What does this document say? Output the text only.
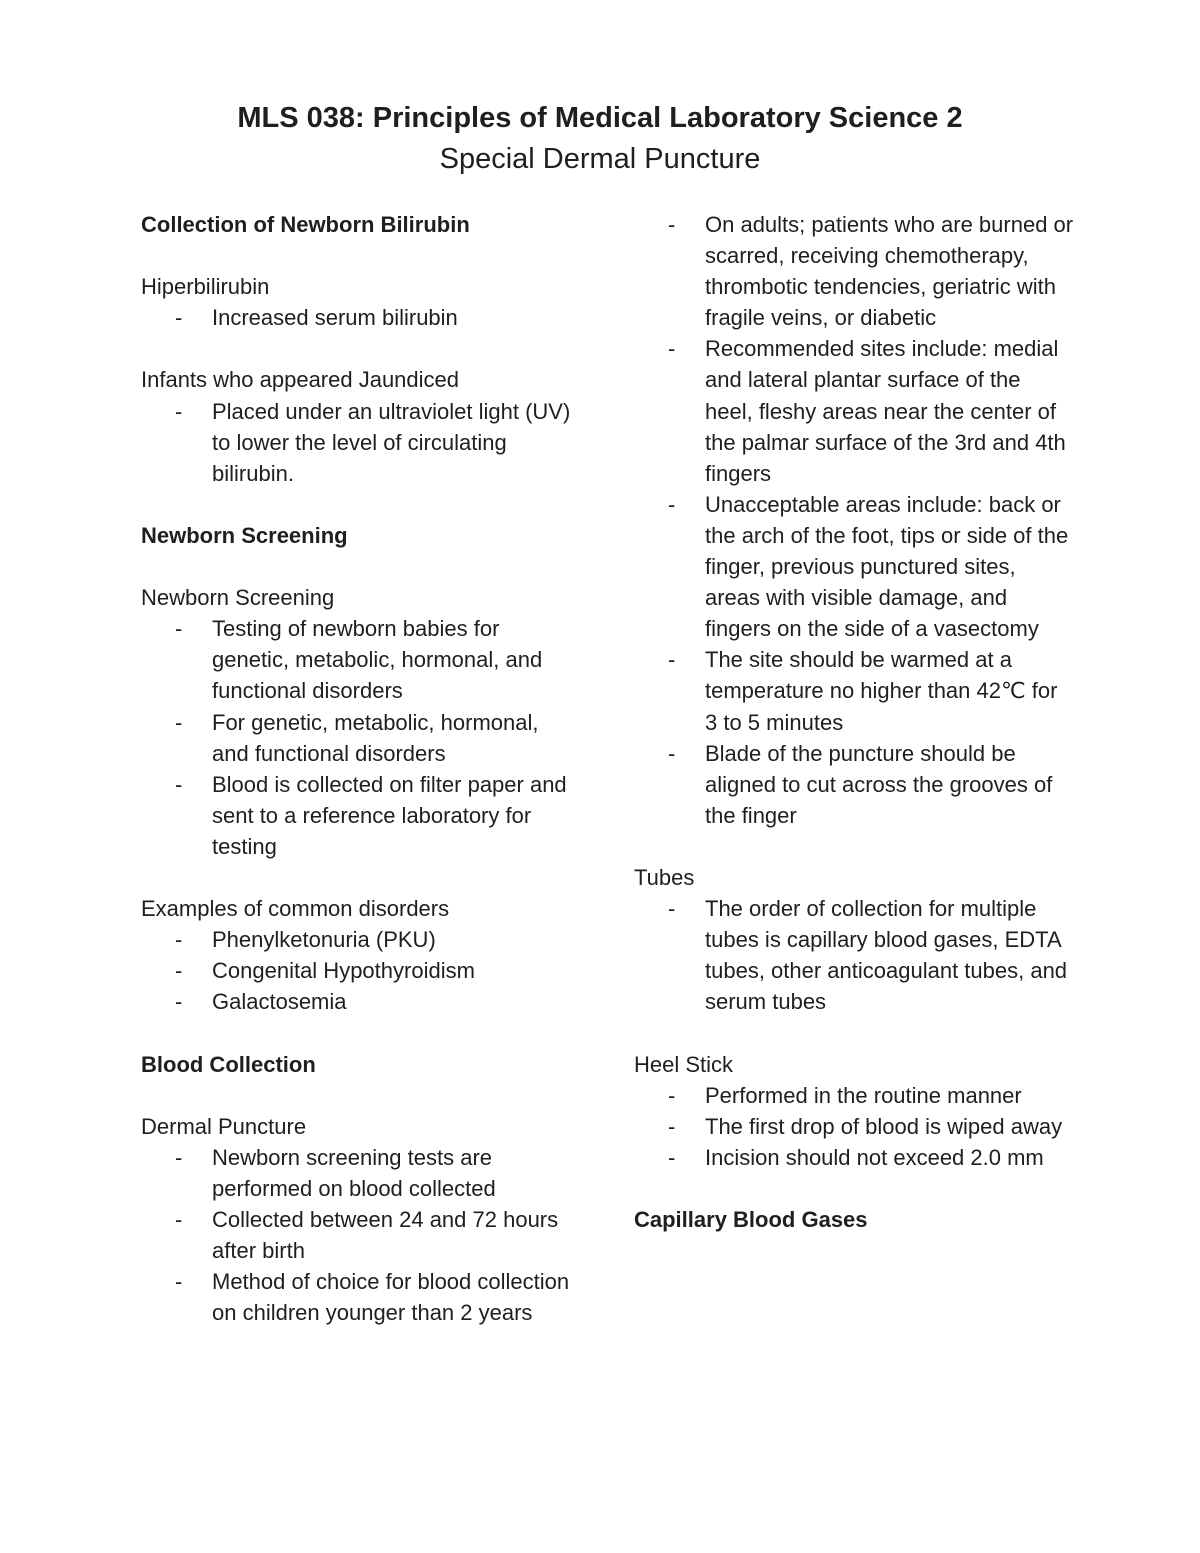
MLS 038: Principles of Medical Laboratory Science 2
Special Dermal Puncture
Collection of Newborn Bilirubin
Hiperbilirubin
-	Increased serum bilirubin
Infants who appeared Jaundiced
-	Placed under an ultraviolet light (UV) to lower the level of circulating bilirubin.
Newborn Screening
Newborn Screening
-	Testing of newborn babies for genetic, metabolic, hormonal, and functional disorders
-	For genetic, metabolic, hormonal, and functional disorders
-	Blood is collected on filter paper and sent to a reference laboratory for testing
Examples of common disorders
-	Phenylketonuria (PKU)
-	Congenital Hypothyroidism
-	Galactosemia
Blood Collection
Dermal Puncture
-	Newborn screening tests are performed on blood collected
-	Collected between 24 and 72 hours after birth
-	Method of choice for blood collection on children younger than 2 years
-	On adults; patients who are burned or scarred, receiving chemotherapy, thrombotic tendencies, geriatric with fragile veins, or diabetic
-	Recommended sites include: medial and lateral plantar surface of the heel, fleshy areas near the center of the palmar surface of the 3rd and 4th fingers
-	Unacceptable areas include: back or the arch of the foot, tips or side of the finger, previous punctured sites, areas with visible damage, and fingers on the side of a vasectomy
-	The site should be warmed at a temperature no higher than 42℃ for 3 to 5 minutes
-	Blade of the puncture should be aligned to cut across the grooves of the finger
Tubes
-	The order of collection for multiple tubes is capillary blood gases, EDTA tubes, other anticoagulant tubes, and serum tubes
Heel Stick
-	Performed in the routine manner
-	The first drop of blood is wiped away
-	Incision should not exceed 2.0 mm
Capillary Blood Gases
